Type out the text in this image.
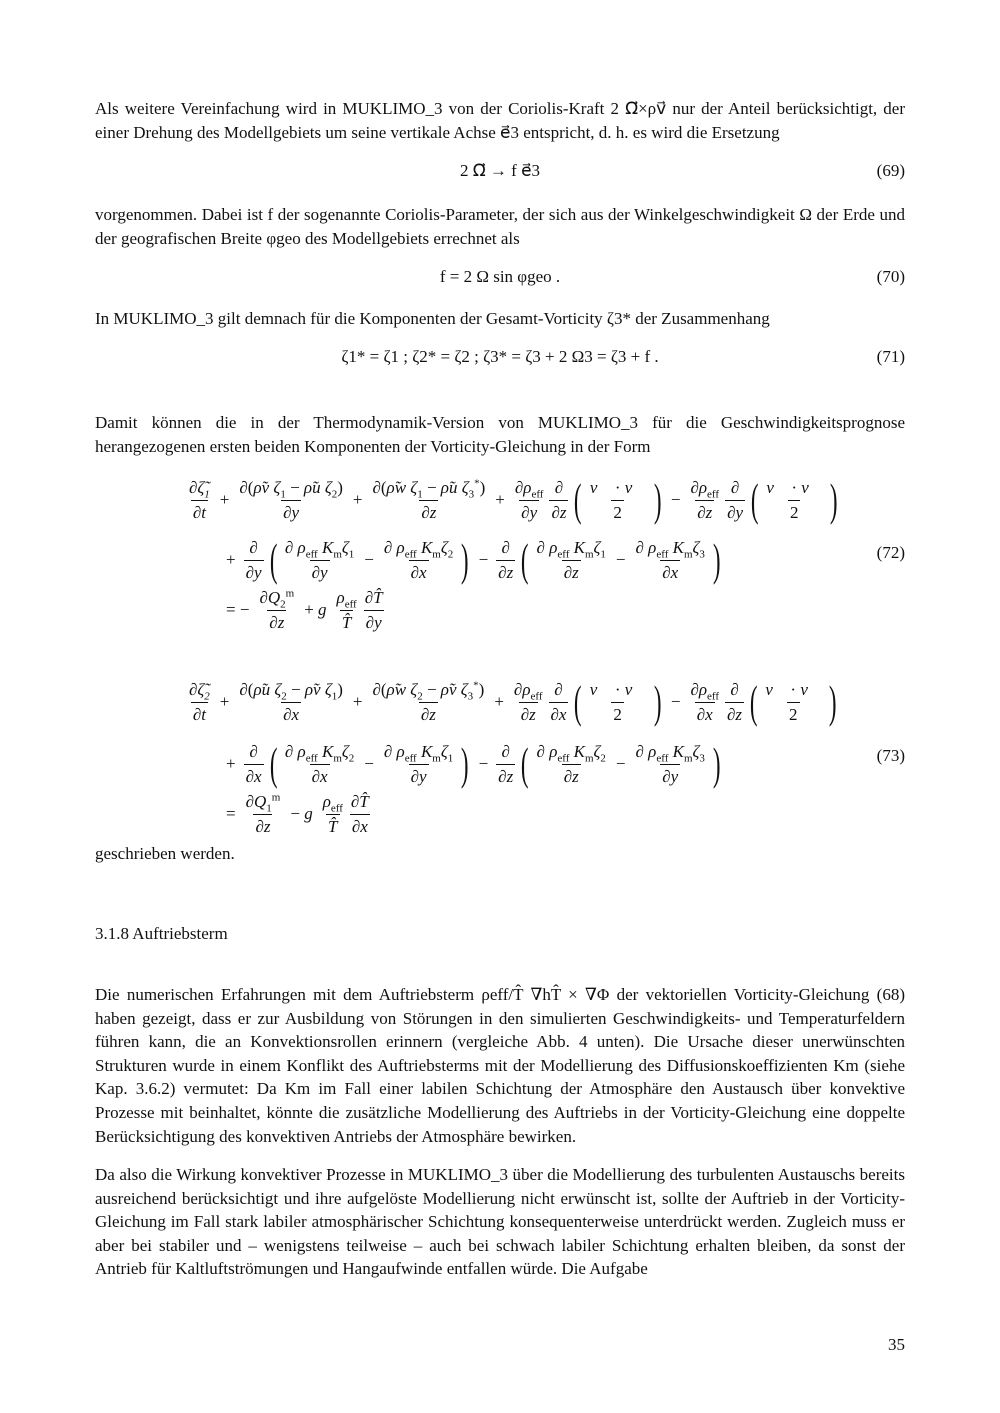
Als weitere Vereinfachung wird in MUKLIMO_3 von der Coriolis-Kraft 2 Ω⃗×ρv⃗ nur der Anteil berücksichtigt, der einer Drehung des Modellgebiets um seine vertikale Achse e⃗3 entspricht, d. h. es wird die Ersetzung

2 Ω⃗ → f e⃗3	(69)

vorgenommen. Dabei ist f der sogenannte Coriolis-Parameter, der sich aus der Winkelgeschwindigkeit Ω der Erde und der geografischen Breite φgeo des Modellgebiets errechnet als

f = 2 Ω sin φgeo .	(70)

In MUKLIMO_3 gilt demnach für die Komponenten der Gesamt-Vorticity ζ3* der Zusammenhang

ζ1* = ζ1 ; ζ2* = ζ2 ; ζ3* = ζ3 + 2 Ω3 = ζ3 + f .	(71)

Damit können die in der Thermodynamik-Version von MUKLIMO_3 für die Geschwindigkeitsprognose herangezogenen ersten beiden Komponenten der Vorticity-Gleichung in der Form

$\frac{\partial\zetã_1}{\partial t} + \frac{\partial(\rhõv \zeta_1 - \rhõu \zeta_2)}{\partial y} + \frac{\partial(\rhõw \zeta_1 - \rhõu \zeta_3^*)}{\partial z} + \frac{\partial\rho_{eff}}{\partial y} \frac{\partial}{\partial z}$ ( $\frac{v⃗ \cdot v⃗}{2}$ ) − $\frac{\partial\rho_{eff}}{\partial z} \frac{\partial}{\partial y}$ ( $\frac{v⃗ \cdot v⃗}{2}$ )
+ $\frac{\partial}{\partial y}$ ( $\frac{\partial \rho_{eff} K_m\zeta_1}{\partial y} - \frac{\partial \rho_{eff} K_m\zeta_2}{\partial x}$ ) − $\frac{\partial}{\partial z}$ ( $\frac{\partial \rho_{eff} K_m\zeta_1}{\partial z} - \frac{\partial \rho_{eff} K_m\zeta_3}{\partial x}$ )	(72)
= − $\frac{\partial Q_2^m}{\partial z} + g \frac{\rho_{eff}}{T̂} \frac{\partial T̂}{\partial y}$
$\frac{\partial\zetã_2}{\partial t} + \frac{\partial(\rhõu \zeta_2 - \rhõv \zeta_1)}{\partial x} + \frac{\partial(\rhõw \zeta_2 - \rhõv \zeta_3^*)}{\partial z} + \frac{\partial\rho_{eff}}{\partial z} \frac{\partial}{\partial x}$ ( $\frac{v⃗ \cdot v⃗}{2}$ ) − $\frac{\partial\rho_{eff}}{\partial x} \frac{\partial}{\partial z}$ ( $\frac{v⃗ \cdot v⃗}{2}$ )
+ $\frac{\partial}{\partial x}$ ( $\frac{\partial \rho_{eff} K_m\zeta_2}{\partial x} - \frac{\partial \rho_{eff} K_m\zeta_1}{\partial y}$ ) − $\frac{\partial}{\partial z}$ ( $\frac{\partial \rho_{eff} K_m\zeta_2}{\partial z} - \frac{\partial \rho_{eff} K_m\zeta_3}{\partial y}$ )	(73)
= $\frac{\partial Q_1^m}{\partial z} - g \frac{\rho_{eff}}{T̂} \frac{\partial T̂}{\partial x}$

geschrieben werden.

3.1.8 Auftriebsterm

Die numerischen Erfahrungen mit dem Auftriebsterm ρeff/T̂ ∇hT̂ × ∇Φ der vektoriellen Vorticity-Gleichung (68) haben gezeigt, dass er zur Ausbildung von Störungen in den simulierten Geschwindigkeits- und Temperaturfeldern führen kann, die an Konvektionsrollen erinnern (vergleiche Abb. 4 unten). Die Ursache dieser unerwünschten Strukturen wurde in einem Konflikt des Auftriebsterms mit der Modellierung des Diffusionskoeffizienten Km (siehe Kap. 3.6.2) vermutet: Da Km im Fall einer labilen Schichtung der Atmosphäre den Austausch über konvektive Prozesse mit beinhaltet, könnte die zusätzliche Modellierung des Auftriebs in der Vorticity-Gleichung eine doppelte Berücksichtigung des konvektiven Antriebs der Atmosphäre bewirken.

Da also die Wirkung konvektiver Prozesse in MUKLIMO_3 über die Modellierung des turbulenten Austauschs bereits ausreichend berücksichtigt und ihre aufgelöste Modellierung nicht erwünscht ist, sollte der Auftrieb in der Vorticity-Gleichung im Fall stark labiler atmosphärischer Schichtung konsequenterweise unterdrückt werden. Zugleich muss er aber bei stabiler und – wenigstens teilweise – auch bei schwach labiler Schichtung erhalten bleiben, da sonst der Antrieb für Kaltluftströmungen und Hangaufwinde entfallen würde. Die Aufgabe

35
